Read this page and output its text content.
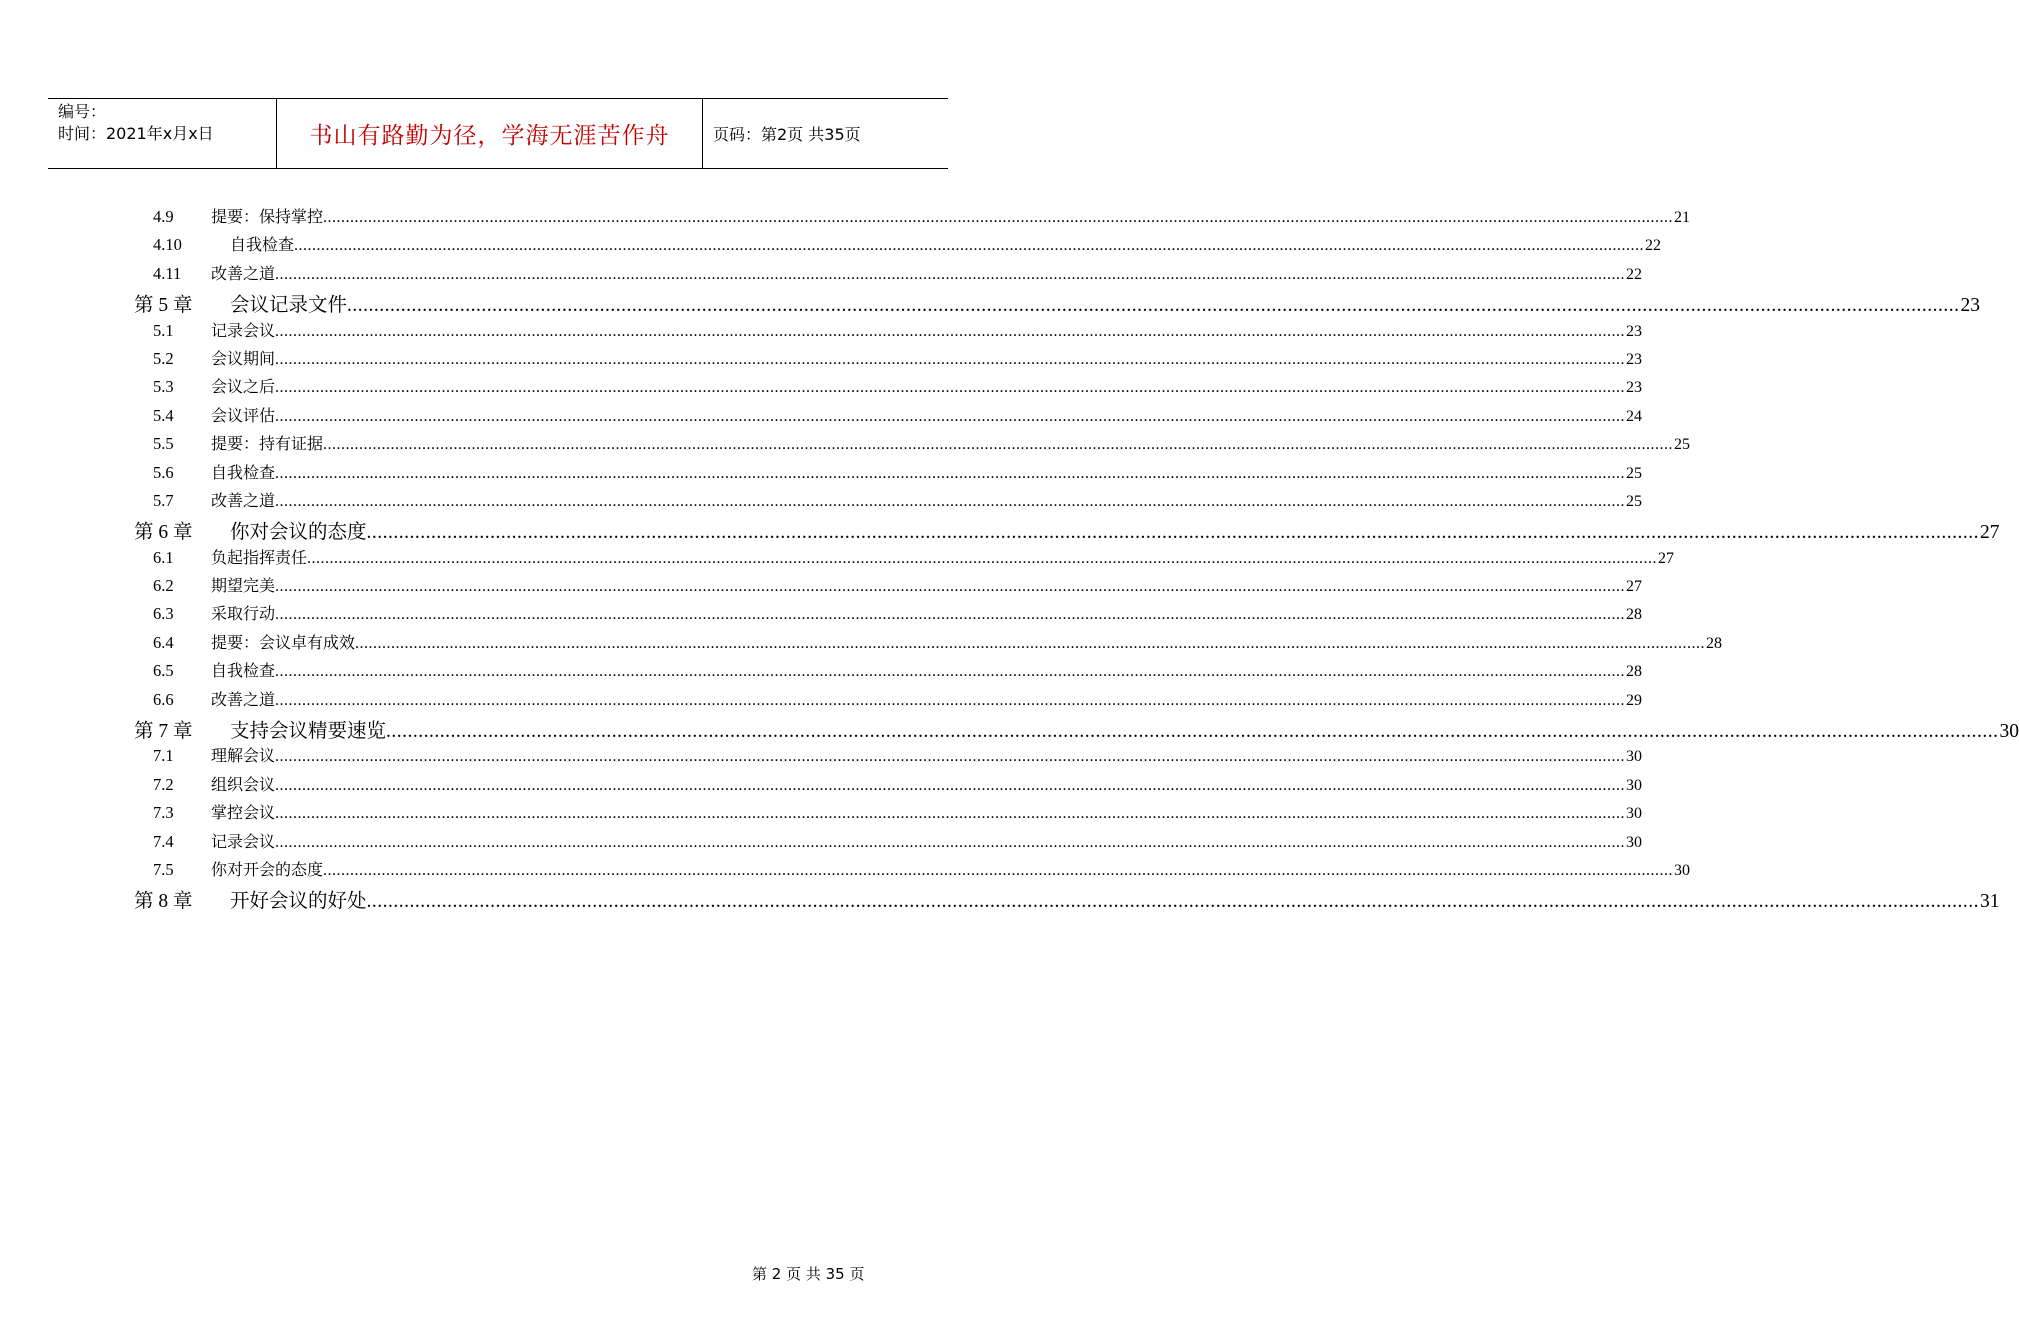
编号：
时间：2021年x月x日	书山有路勤为径，学海无涯苦作舟	页码：第2页 共35页
4.9	提要：保持掌控 ............................................................................................................................................................................................................................................................................................................ 21
4.10	自我检查 ............................................................................................................................................................................................................................................................................................................ 22
4.11	改善之道 ............................................................................................................................................................................................................................................................................................................ 22
第 5 章	会议记录文件 ............................................................................................................................................................................................................................................................................................................ 23
5.1	记录会议 ............................................................................................................................................................................................................................................................................................................ 23
5.2	会议期间 ............................................................................................................................................................................................................................................................................................................ 23
5.3	会议之后 ............................................................................................................................................................................................................................................................................................................ 23
5.4	会议评估 ............................................................................................................................................................................................................................................................................................................ 24
5.5	提要：持有证据 ............................................................................................................................................................................................................................................................................................................ 25
5.6	自我检查 ............................................................................................................................................................................................................................................................................................................ 25
5.7	改善之道 ............................................................................................................................................................................................................................................................................................................ 25
第 6 章	你对会议的态度 ............................................................................................................................................................................................................................................................................................................ 27
6.1	负起指挥责任 ............................................................................................................................................................................................................................................................................................................ 27
6.2	期望完美 ............................................................................................................................................................................................................................................................................................................ 27
6.3	采取行动 ............................................................................................................................................................................................................................................................................................................ 28
6.4	提要：会议卓有成效 ............................................................................................................................................................................................................................................................................................................ 28
6.5	自我检查 ............................................................................................................................................................................................................................................................................................................ 28
6.6	改善之道 ............................................................................................................................................................................................................................................................................................................ 29
第 7 章	支持会议精要速览 ............................................................................................................................................................................................................................................................................................................ 30
7.1	理解会议 ............................................................................................................................................................................................................................................................................................................ 30
7.2	组织会议 ............................................................................................................................................................................................................................................................................................................ 30
7.3	掌控会议 ............................................................................................................................................................................................................................................................................................................ 30
7.4	记录会议 ............................................................................................................................................................................................................................................................................................................ 30
7.5	你对开会的态度 ............................................................................................................................................................................................................................................................................................................ 30
第 8 章	开好会议的好处 ............................................................................................................................................................................................................................................................................................................ 31
第 2 页 共 35 页
